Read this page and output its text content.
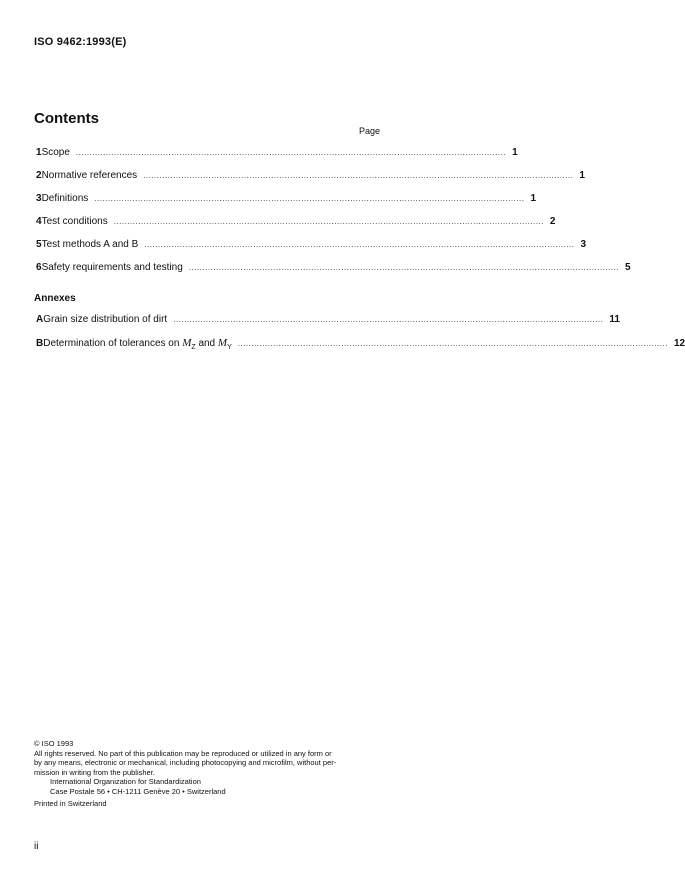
ISO 9462:1993(E)
Contents
Page
1 Scope .............................................................................................................................................................. 1
2 Normative references .............................................................................................................................................................. 1
3 Definitions .............................................................................................................................................................. 1
4 Test conditions .............................................................................................................................................................. 2
5 Test methods A and B .............................................................................................................................................................. 3
6 Safety requirements and testing .............................................................................................................................................................. 5
Annexes
A Grain size distribution of dirt .............................................................................................................................................................. 11
B Determination of tolerances on $M_Z$ and $M_Y$ .............................................................................................................................................................. 12
© ISO 1993
All rights reserved. No part of this publication may be reproduced or utilized in any form or
by any means, electronic or mechanical, including photocopying and microfilm, without per-
mission in writing from the publisher.
International Organization for Standardization
Case Postale 56 • CH-1211 Genève 20 • Switzerland
Printed in Switzerland
ii
